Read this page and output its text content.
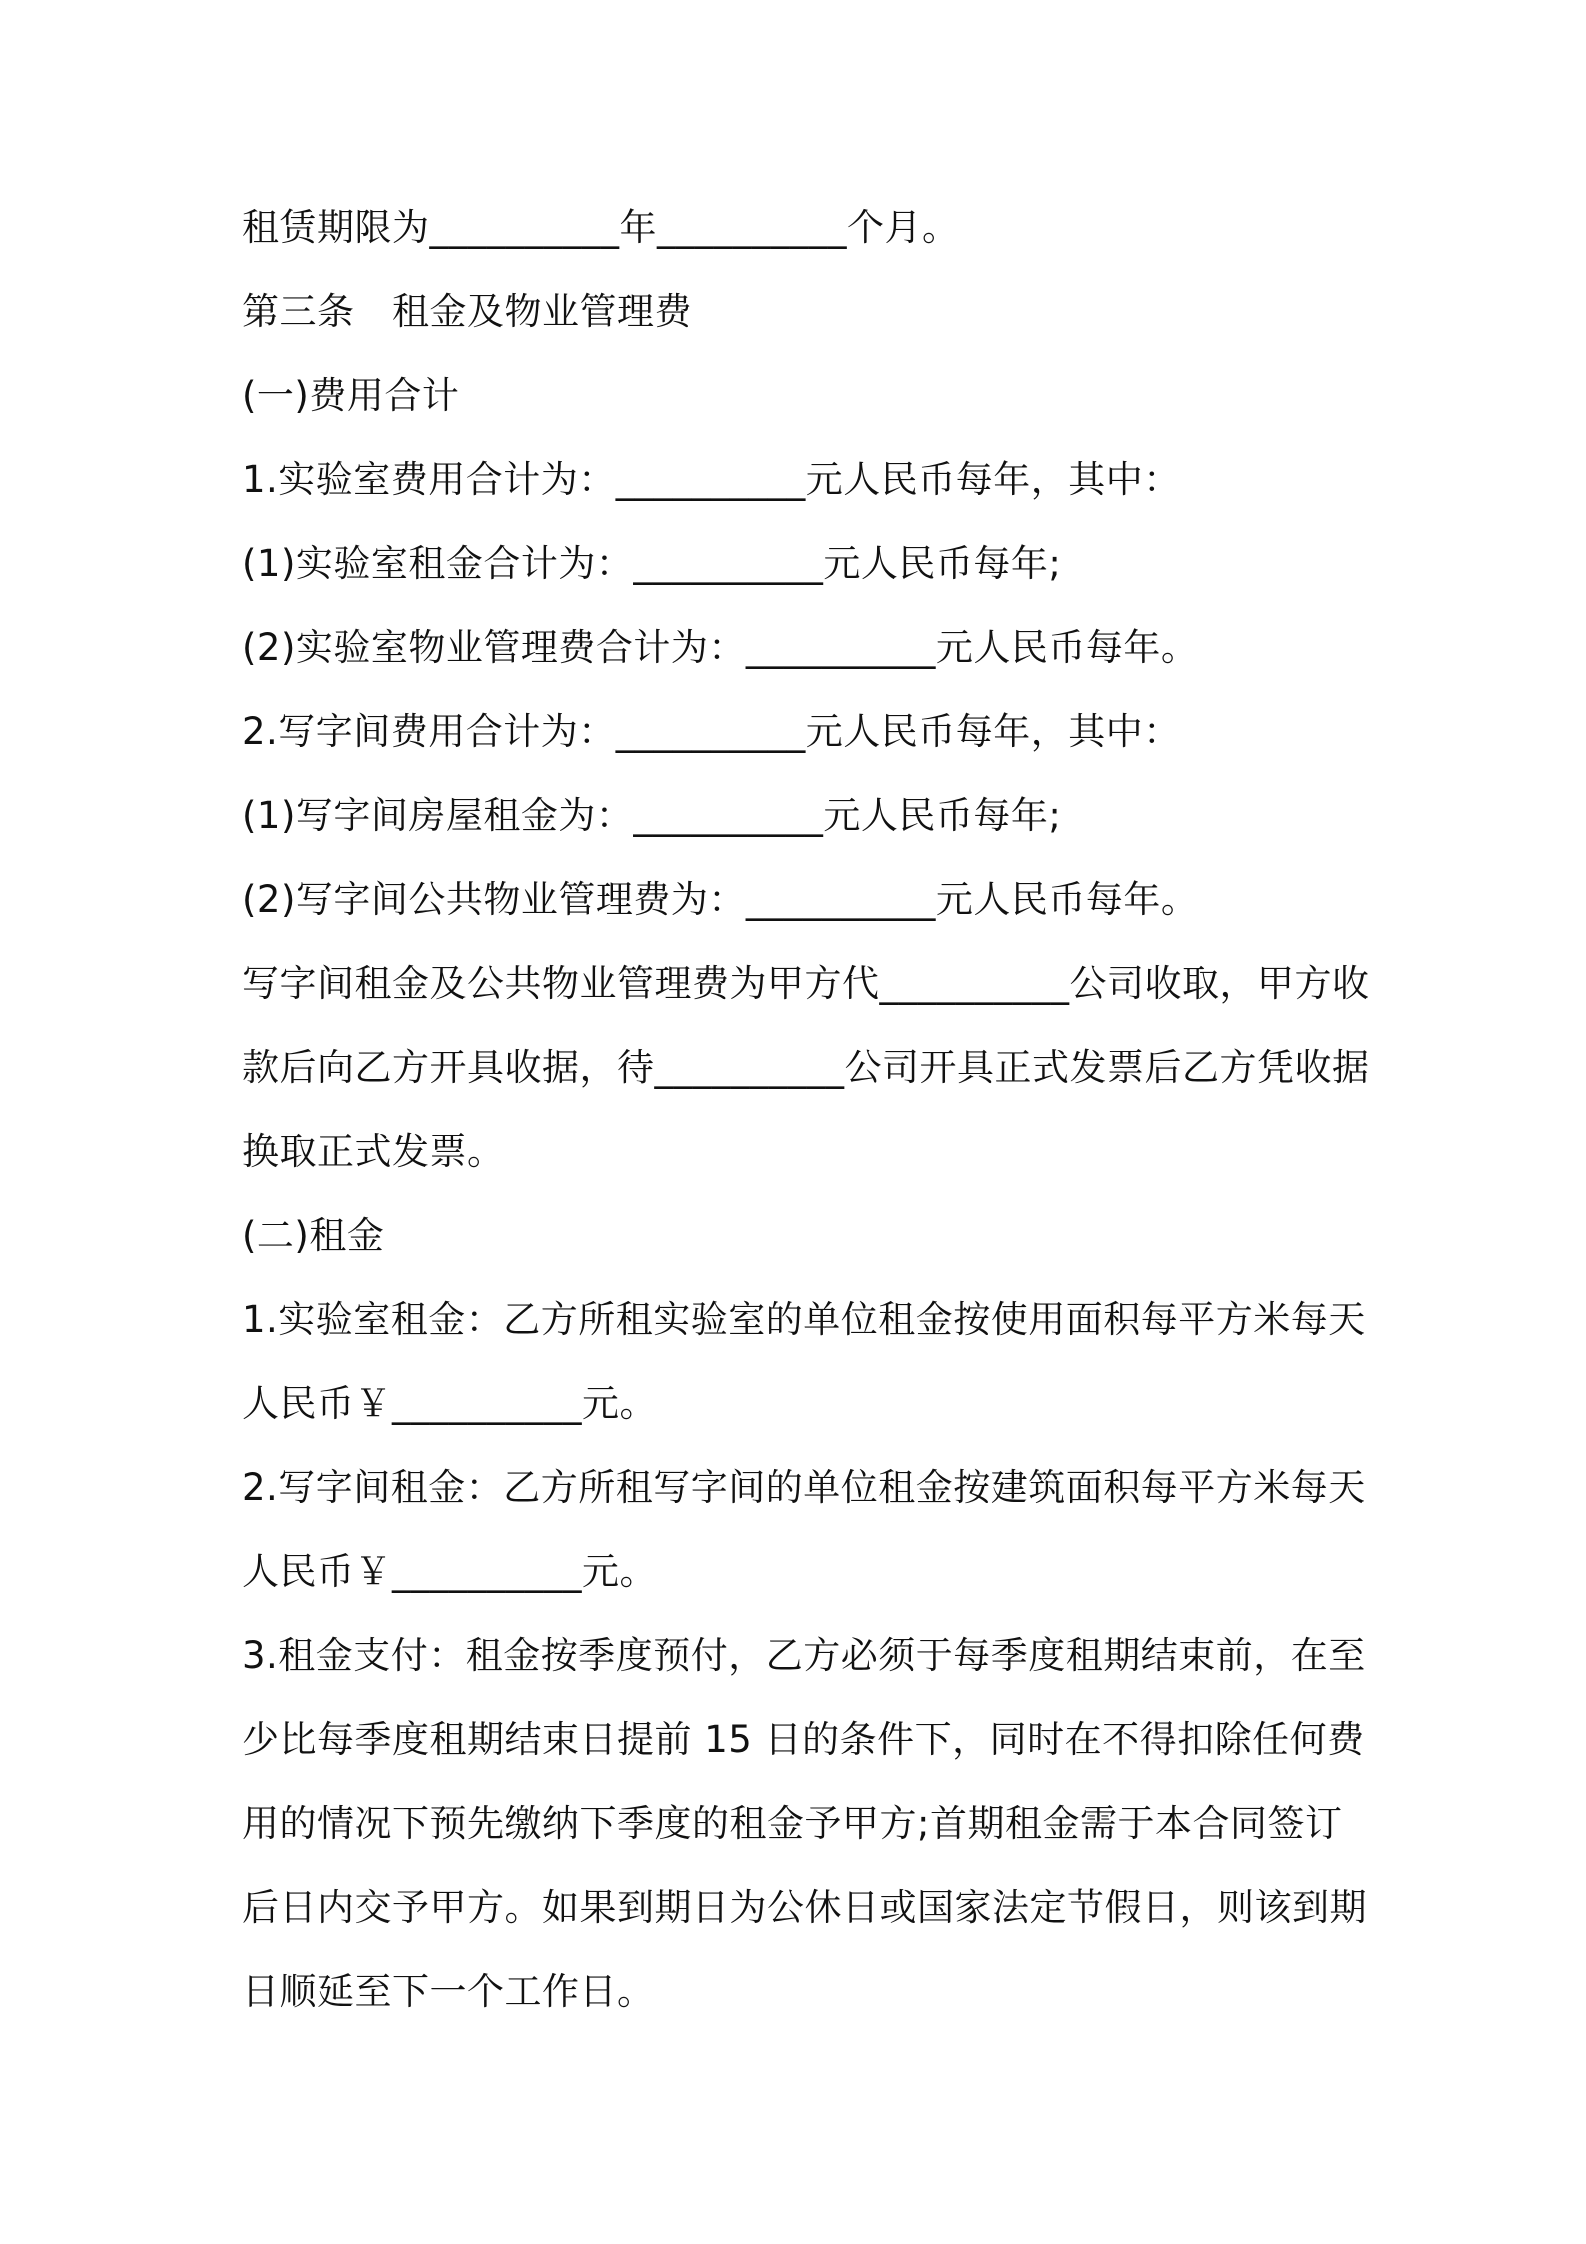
租赁期限为__________年__________个月。
第三条　租金及物业管理费
(一)费用合计
1.实验室费用合计为：__________元人民币每年，其中：
(1)实验室租金合计为：__________元人民币每年;
(2)实验室物业管理费合计为：__________元人民币每年。
2.写字间费用合计为：__________元人民币每年，其中：
(1)写字间房屋租金为：__________元人民币每年;
(2)写字间公共物业管理费为：__________元人民币每年。
写字间租金及公共物业管理费为甲方代__________公司收取，甲方收
款后向乙方开具收据，待__________公司开具正式发票后乙方凭收据
换取正式发票。
(二)租金
1.实验室租金：乙方所租实验室的单位租金按使用面积每平方米每天
人民币￥__________元。
2.写字间租金：乙方所租写字间的单位租金按建筑面积每平方米每天
人民币￥__________元。
3.租金支付：租金按季度预付，乙方必须于每季度租期结束前，在至
少比每季度租期结束日提前 15 日的条件下，同时在不得扣除任何费
用的情况下预先缴纳下季度的租金予甲方;首期租金需于本合同签订
后日内交予甲方。如果到期日为公休日或国家法定节假日，则该到期
日顺延至下一个工作日。
